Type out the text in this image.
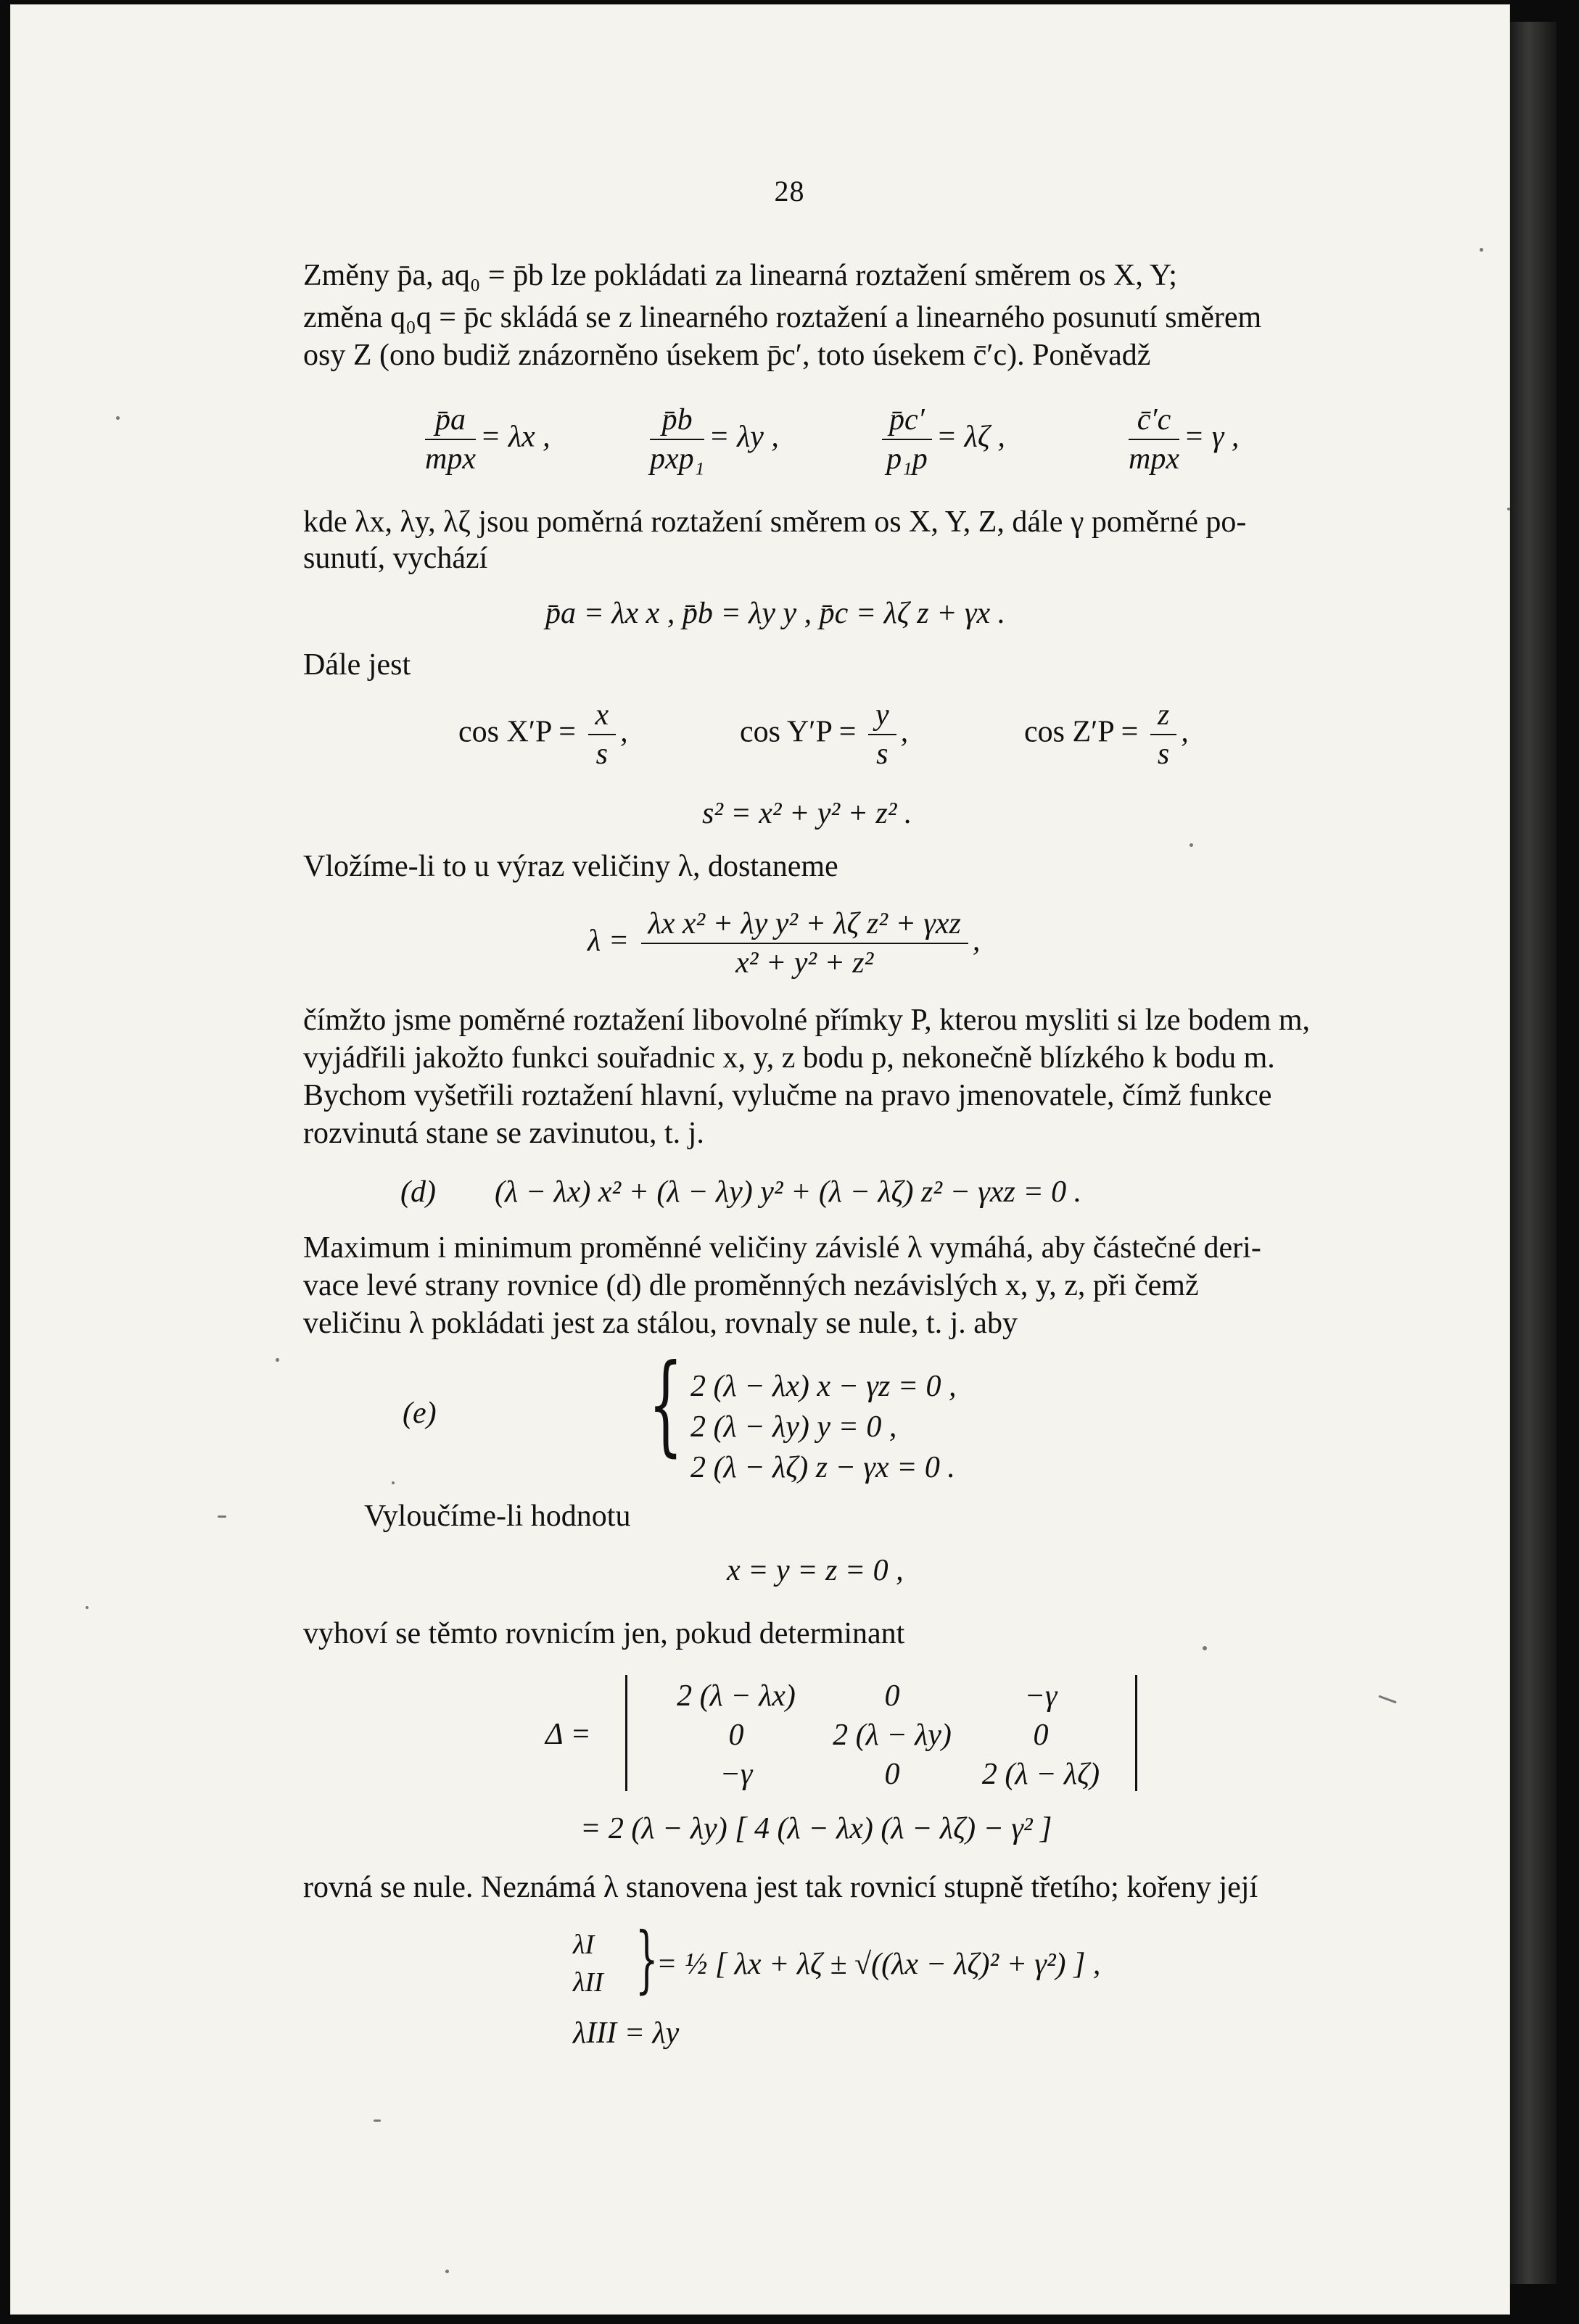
28
Změny p̄a, aq₀ = p̄b lze pokládati za linearná roztažení směrem os X, Y;
změna q₀q = p̄c skládá se z linearného roztažení a linearného posunutí směrem
osy Z (ono budiž znázorněno úsekem p̄c′, toto úsekem c̄′c). Poněvadž
$\frac{p̄a}{\text{mpx}} = \lambda x$ ,	$\frac{p̄b}{\text{pxp₁}} = \lambda y$ ,	$\frac{p̄c'}{\text{p₁p}} = \lambda\zeta$ ,	$\frac{c̄'c}{\text{mpx}} = \gamma$ ,
kde λx, λy, λζ jsou poměrná roztažení směrem os X, Y, Z, dále γ poměrné po-
sunutí, vychází
p̄a = λx x , p̄b = λy y , p̄c = λζ z + γx .
Dále jest
$\cos X'P = \frac{x}{s}$ ,	$\cos Y'P = \frac{y}{s}$ ,	$\cos Z'P = \frac{z}{s}$ ,
s² = x² + y² + z² .
Vložíme-li to u výraz veličiny λ, dostaneme
$\lambda = \frac{\text{λx x² + λy y² + λζ z² + γxz}}{\text{x² + y² + z²}}$ ,
čímžto jsme poměrné roztažení libovolné přímky P, kterou mysliti si lze bodem m,
vyjádřili jakožto funkci souřadnic x, y, z bodu p, nekonečně blízkého k bodu m.
Bychom vyšetřili roztažení hlavní, vylučme na pravo jmenovatele, čímž funkce
rozvinutá stane se zavinutou, t. j.
(d) (λ − λx) x² + (λ − λy) y² + (λ − λζ) z² − γxz = 0 .
Maximum i minimum proměnné veličiny závislé λ vymáhá, aby částečné deri-
vace levé strany rovnice (d) dle proměnných nezávislých x, y, z, při čemž
veličinu λ pokládati jest za stálou, rovnaly se nule, t. j. aby
(e) { 2 (λ − λx) x − γz = 0 ,
2 (λ − λy) y = 0 ,
2 (λ − λζ) z − γx = 0 .
Vyloučíme-li hodnotu
x = y = z = 0 ,
vyhoví se těmto rovnicím jen, pokud determinant
Δ =
2 (λ − λx)	0	−γ
0	2 (λ − λy)	0
−γ	0	2 (λ − λζ)
= 2 (λ − λy) [ 4 (λ − λx) (λ − λζ) − γ² ]
rovná se nule. Neznámá λ stanovena jest tak rovnicí stupně třetího; kořeny její
λI
λII }
= ½ [ λx + λζ ± √((λx − λζ)² + γ²) ] ,
λIII = λy
